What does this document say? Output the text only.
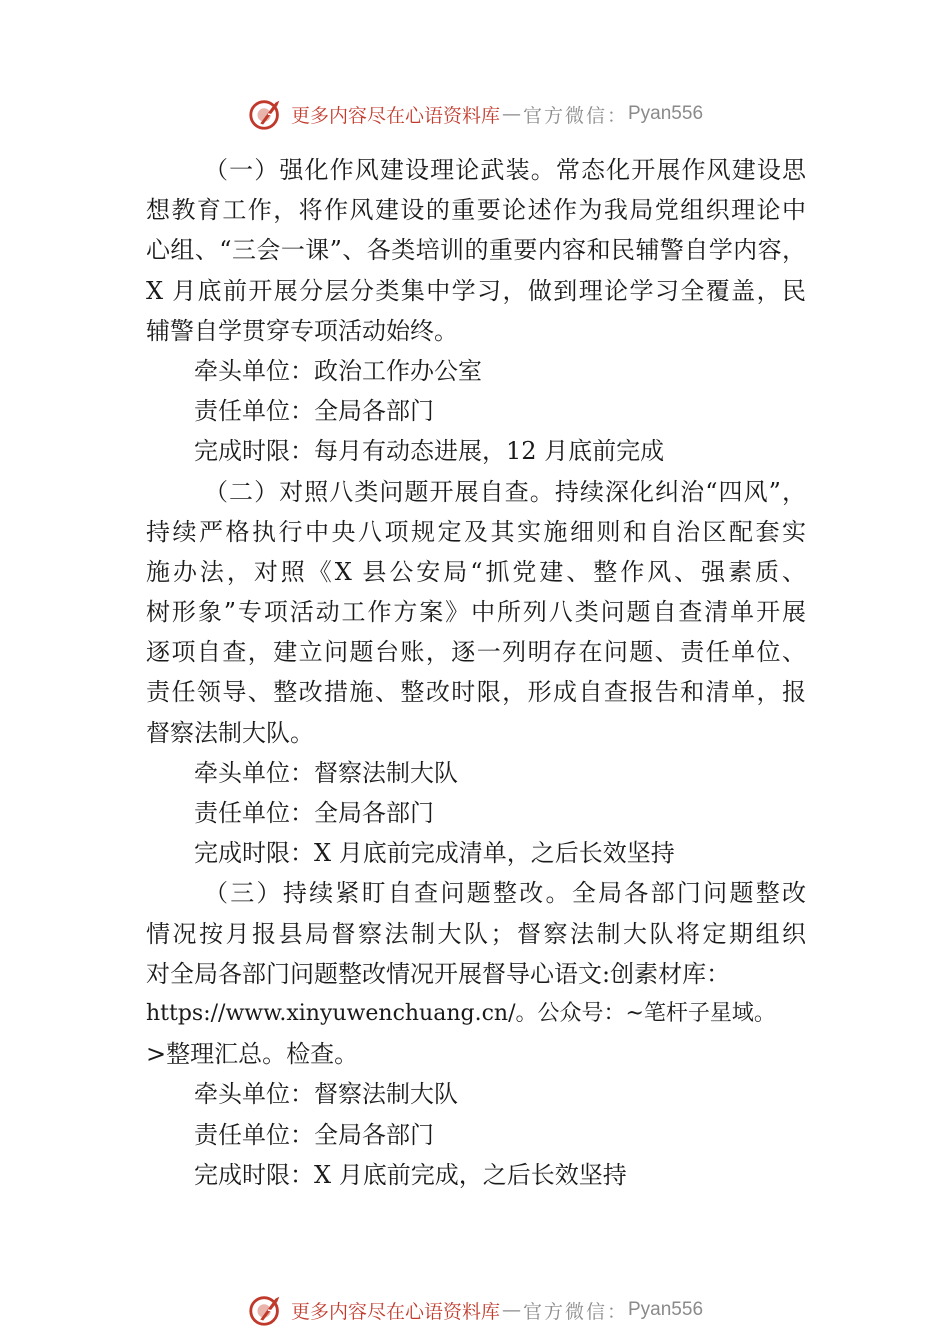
更多内容尽在心语资料库 — 官方微信： Pyan556
（一）强化作风建设理论武装。常态化开展作风建设思
想教育工作，将作风建设的重要论述作为我局党组织理论中
心组、“三会一课”、各类培训的重要内容和民辅警自学内容，
X 月底前开展分层分类集中学习，做到理论学习全覆盖，民
辅警自学贯穿专项活动始终。
牵头单位：政治工作办公室
责任单位：全局各部门
完成时限：每月有动态进展，12 月底前完成
（二）对照八类问题开展自查。持续深化纠治“四风”，
持续严格执行中央八项规定及其实施细则和自治区配套实
施办法，对照《X 县公安局“抓党建、整作风、强素质、
树形象”专项活动工作方案》中所列八类问题自查清单开展
逐项自查，建立问题台账，逐一列明存在问题、责任单位、
责任领导、整改措施、整改时限，形成自查报告和清单，报
督察法制大队。
牵头单位：督察法制大队
责任单位：全局各部门
完成时限：X 月底前完成清单，之后长效坚持
（三）持续紧盯自查问题整改。全局各部门问题整改
情况按月报县局督察法制大队；督察法制大队将定期组织
对全局各部门问题整改情况开展督导心语文:创素材库：
https://www.xinyuwenchuang.cn/。公众号：~笔杆子星域。
>整理汇总。检查。
牵头单位：督察法制大队
责任单位：全局各部门
完成时限：X 月底前完成，之后长效坚持
更多内容尽在心语资料库 — 官方微信： Pyan556
